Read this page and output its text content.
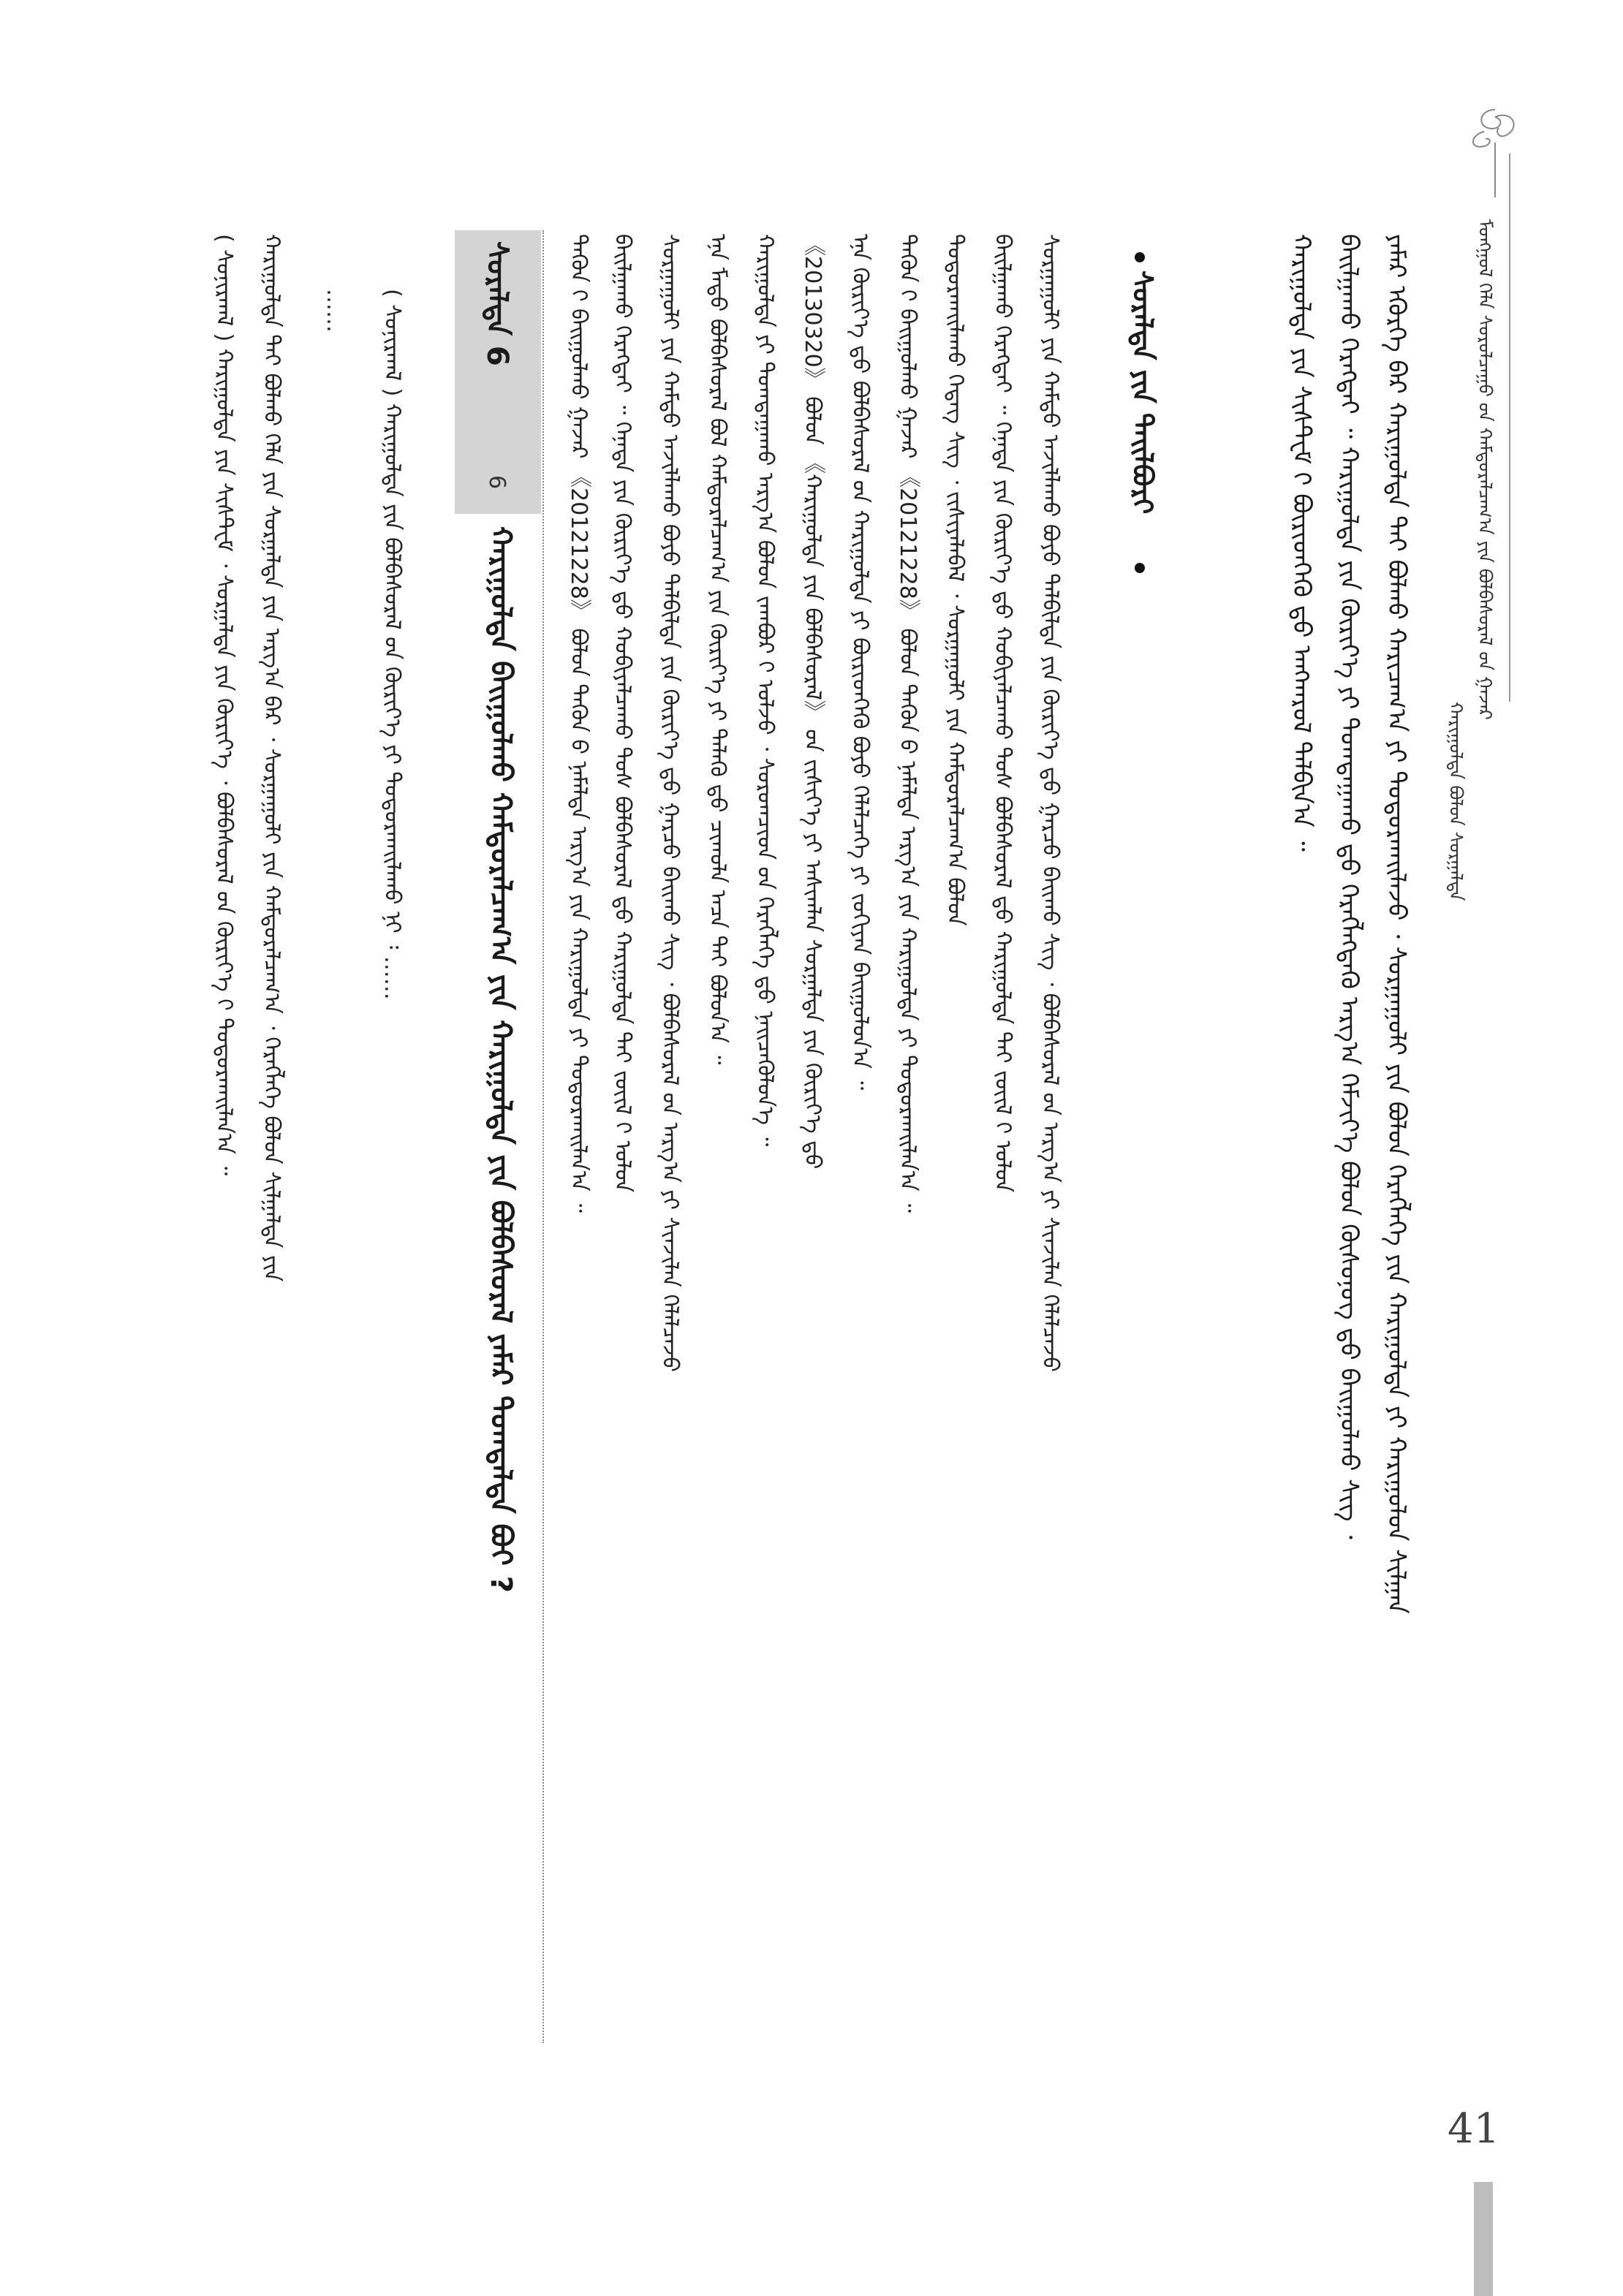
ᠮᠣᠩᠭᠣᠯ ᠬᠡᠯᠡ ᠰᠤᠷᠤᠯᠴᠠᠭᠤ ᠤ᠋ᠨ ᠬᠠᠮᠲᠤᠷᠠᠯᠴᠠᠭ᠎ᠠ ᠶᠢᠨ ᠪᠣᠯᠪᠠᠰᠤᠷᠠᠯ ᠤ᠋ᠨ ᠭᠠᠵᠠᠷ
ᠬᠠᠷᠢᠭᠤᠯᠲᠠ ᠪᠣᠯᠤᠨ ᠰᠤᠷᠭᠠᠯᠲᠠ
ᠶᠠᠮᠠᠷ ᠡᠭᠦᠷᠭᠡ ᠪᠡᠷ ᠬᠠᠷᠢᠭᠤᠯᠲᠠ ᠲᠠᠢ ᠪᠣᠯᠬᠤ ᠬᠠᠷᠢᠴᠠᠭ᠎ᠠ ᠶᠢ ᠲᠣᠳᠣᠷᠬᠠᠢᠯᠠᠵᠤ ᠂ ᠰᠤᠷᠭᠠᠭᠤᠯᠢ ᠶᠢᠨ ᠪᠣᠯᠤᠨ ᠬᠡᠷᠡᠭᠯᠡᠭᠡ ᠶᠢᠨ ᠬᠠᠷᠢᠭᠤᠯᠲᠠ ᠶᠢ ᠬᠠᠷᠢᠭᠤᠯᠤᠨ ᠰᠢᠯᠭᠠᠨ
ᠪᠠᠢᠯᠭᠠᠬᠤ ᠬᠡᠷᠡᠭᠲᠡᠢ ᠃ ᠬᠠᠷᠢᠭᠤᠯᠲᠠ ᠶᠢᠨ ᠬᠦᠷᠢᠶ᠎ᠡ ᠶᠢ ᠲᠣᠭᠲᠠᠭᠠᠬᠤ ᠳ᠋ᠤ ᠬᠡᠷᠡᠭᠯᠡᠭᠳᠡᠬᠦ ᠠᠷᠭ᠎ᠠ ᠬᠡᠮᠵᠢᠶ᠎ᠡ ᠪᠣᠯᠤᠨ ᠬᠦᠰᠦᠨᠦᠭ ᠳ᠋ᠤ ᠪᠠᠢᠭᠤᠯᠬᠤ ᠰᠢᠭ ᠂
ᠬᠠᠷᠢᠭᠤᠯᠲᠠ ᠶᠢᠨ ᠰᠢᠰᠲ᠋ᠧᠮ ᠢ᠋ ᠪᠦᠷᠢᠳᠬᠡᠬᠦ ᠳ᠋ᠤ ᠠᠩᠬᠠᠷᠤᠯ ᠲᠠᠯᠪᠢᠨ᠎ᠠ ᠃
ᠰᠤᠷᠠᠯᠲᠠ ᠶᠢᠨ ᠲᠠᠢᠯᠪᠤᠷᠢ
ᠰᠤᠷᠭᠠᠭᠤᠯᠢ ᠶᠢᠨ ᠬᠠᠮᠲᠤ ᠠᠵᠢᠯᠯᠠᠬᠤ ᠪᠤᠶᠤ ᠲᠠᠯᠪᠢᠯᠲᠠ ᠶᠢᠨ ᠬᠦᠷᠢᠶ᠎ᠡ ᠳ᠋ᠤ ᠭᠠᠷᠴᠤ ᠪᠠᠢᠬᠤ ᠰᠢᠭ ᠂ ᠪᠣᠯᠪᠠᠰᠤᠷᠠᠯ ᠤ᠋ᠨ ᠠᠷᠭ᠎ᠠ ᠶᠢ ᠰᠢᠨᠵᠢᠯᠡᠨ ᠬᠡᠯᠡᠯᠴᠡᠵᠦ
ᠪᠠᠢᠯᠭᠠᠬᠤ ᠬᠡᠷᠡᠭᠲᠡᠢ ᠃ ᠭᠡᠨᠡᠳᠡ ᠶᠢᠨ ᠬᠦᠷᠢᠶ᠎ᠡ ᠳ᠋ᠤ ᠬᠤᠪᠢᠶᠠᠯᠴᠠᠬᠤ ᠲᠤᠰ ᠪᠣᠯᠪᠠᠰᠤᠷᠠᠯ ᠳ᠋ᠤ ᠬᠠᠷᠢᠭᠤᠯᠲᠠ ᠲᠠᠢ ᠵᠦᠢᠯ ᠢ᠋ ᠣᠯᠤᠨ
ᠲᠣᠳᠣᠷᠬᠠᠢᠯᠠᠬᠤ ᠭᠡᠳᠡᠭ ᠰᠢᠭ ᠂ ᠵᠢᠱᠢᠶᠡᠯᠡᠪᠡᠯ ᠂ ᠰᠤᠷᠭᠠᠭᠤᠯᠢ ᠶᠢᠨ ᠬᠠᠮᠲᠤᠷᠠᠯᠴᠠᠭ᠎ᠠ ᠪᠣᠯᠤᠨ
ᠲᠡᠭᠦᠨ ᠢ᠋ ᠪᠠᠢᠭᠤᠯᠬᠤ ᠭᠠᠵᠠᠷ 《20121228》 ᠪᠣᠯᠤᠨ ᠲᠡᠭᠦᠨ ᠦ᠌ ᠨᠡᠮᠡᠯᠲᠡ ᠠᠷᠭ᠎ᠠ ᠶᠢᠨ ᠬᠠᠷᠢᠭᠤᠯᠲᠠ ᠶᠢ ᠲᠣᠳᠣᠷᠬᠠᠢᠯᠠᠨ᠎ᠠ ᠃
ᠡᠨᠡ ᠬᠦᠷᠢᠶ᠎ᠡ ᠳ᠋ᠤ ᠪᠣᠯᠪᠠᠰᠤᠷᠠᠯ ᠤ᠋ᠨ ᠬᠠᠷᠢᠭᠤᠯᠲᠠ ᠶᠢ ᠪᠦᠷᠢᠳᠬᠡᠬᠦ ᠪᠤᠶᠤ ᠬᠡᠯᠡᠯᠴᠡᠭᠡ ᠶᠢ ᠵᠣᠬᠢᠶᠠᠨ ᠪᠠᠢᠭᠤᠯᠤᠨ᠎ᠠ ᠃
《20130320》 ᠪᠣᠯᠤᠨ 《ᠬᠠᠷᠢᠭᠤᠯᠲᠠ ᠶᠢᠨ ᠪᠣᠯᠪᠠᠰᠤᠷᠠᠯ》 ᠤ᠋ᠨ ᠵᠢᠱᠢᠶ᠎ᠡ ᠶᠢ ᠠᠰᠢᠭᠯᠠᠨ ᠰᠤᠷᠭᠠᠯᠲᠠ ᠶᠢᠨ ᠬᠦᠷᠢᠶ᠎ᠡ ᠳ᠋ᠤ
ᠬᠠᠷᠢᠭᠤᠯᠲᠠ ᠶᠢ ᠲᠣᠭᠲᠠᠭᠠᠬᠤ ᠠᠷᠭ᠎ᠠ ᠪᠣᠯᠤᠨ ᠵᠠᠭᠪᠤᠷ ᠢ᠋ ᠣᠯᠵᠤ ᠂ ᠰᠤᠷᠤᠭᠴᠢᠳ ᠤ᠋ᠨ ᠬᠡᠷᠡᠭᠯᠡᠭᠡ ᠳ᠋ᠤ ᠨᠡᠢᠴᠡᠭᠦᠯᠦᠨ᠎ᠡ ᠃
ᠡᠨᠡ ᠮᠡᠲᠦ ᠪᠣᠯᠪᠠᠰᠤᠷᠠᠯ ᠪᠣᠯ ᠬᠠᠮᠲᠤᠷᠠᠯᠴᠠᠭ᠎ᠠ ᠶᠢᠨ ᠬᠦᠷᠢᠶ᠎ᠡ ᠶᠢ ᠲᠡᠯᠡᠬᠦ ᠳ᠋ᠤ ᠴᠢᠬᠤᠯᠠ ᠠᠴᠠ ᠲᠠᠢ ᠪᠣᠯᠤᠨ᠎ᠠ ᠃
ᠰᠤᠷᠭᠠᠭᠤᠯᠢ ᠶᠢᠨ ᠬᠠᠮᠲᠤ ᠠᠵᠢᠯᠯᠠᠬᠤ ᠪᠤᠶᠤ ᠲᠠᠯᠪᠢᠯᠲᠠ ᠶᠢᠨ ᠬᠦᠷᠢᠶ᠎ᠡ ᠳ᠋ᠤ ᠭᠠᠷᠴᠤ ᠪᠠᠢᠬᠤ ᠰᠢᠭ ᠂ ᠪᠣᠯᠪᠠᠰᠤᠷᠠᠯ ᠤ᠋ᠨ ᠠᠷᠭ᠎ᠠ ᠶᠢ ᠰᠢᠨᠵᠢᠯᠡᠨ ᠬᠡᠯᠡᠯᠴᠡᠵᠦ
ᠪᠠᠢᠯᠭᠠᠬᠤ ᠬᠡᠷᠡᠭᠲᠡᠢ ᠃ ᠭᠡᠨᠡᠳᠡ ᠶᠢᠨ ᠬᠦᠷᠢᠶ᠎ᠡ ᠳ᠋ᠤ ᠬᠤᠪᠢᠶᠠᠯᠴᠠᠬᠤ ᠲᠤᠰ ᠪᠣᠯᠪᠠᠰᠤᠷᠠᠯ ᠳ᠋ᠤ ᠬᠠᠷᠢᠭᠤᠯᠲᠠ ᠲᠠᠢ ᠵᠦᠢᠯ ᠢ᠋ ᠣᠯᠤᠨ
ᠲᠡᠭᠦᠨ ᠢ᠋ ᠪᠠᠢᠭᠤᠯᠬᠤ ᠭᠠᠵᠠᠷ 《20121228》 ᠪᠣᠯᠤᠨ ᠲᠡᠭᠦᠨ ᠦ᠌ ᠨᠡᠮᠡᠯᠲᠡ ᠠᠷᠭ᠎ᠠ ᠶᠢᠨ ᠬᠠᠷᠢᠭᠤᠯᠲᠠ ᠶᠢ ᠲᠣᠳᠣᠷᠬᠠᠢᠯᠠᠨ᠎ᠠ ᠃
ᠰᠤᠷᠠᠯᠲᠠ 6
6
ᠬᠠᠷᠢᠭᠤᠯᠲᠠ ᠪᠠᠢᠭᠤᠯᠬᠤ ᠬᠠᠮᠲᠤᠷᠠᠯᠴᠠᠭ᠎ᠠ ᠶᠢᠨ ᠬᠠᠷᠢᠭᠤᠯᠲᠠ ᠶᠢᠨ ᠪᠣᠯᠪᠠᠰᠤᠷᠠᠯ ᠶᠠᠮᠠᠷ ᠲᠣᠭᠲᠠᠯᠲᠠ ᠪᠣᠢ ?
( ᠰᠣᠨᠢᠷᠬᠠᠯ ) ᠬᠠᠷᠢᠭᠤᠯᠲᠠ ᠶᠢᠨ ᠪᠣᠯᠪᠠᠰᠤᠷᠠᠯ ᠤ᠋ᠨ ᠬᠦᠷᠢᠶ᠎ᠡ ᠶᠢ ᠲᠣᠳᠣᠷᠬᠠᠢᠯᠠᠬᠤ ᠨᠢ ᠄ ……
……
ᠬᠠᠷᠢᠭᠤᠯᠲᠠ ᠲᠠᠢ ᠪᠣᠯᠬᠤ ᠬᠡᠯᠡ ᠶᠢᠨ ᠰᠤᠷᠭᠠᠯᠲᠠ ᠶᠢᠨ ᠠᠷᠭ᠎ᠠ ᠪᠠᠷ ᠂ ᠰᠤᠷᠭᠠᠭᠤᠯᠢ ᠶᠢᠨ ᠬᠠᠮᠲᠤᠷᠠᠯᠴᠠᠭ᠎ᠠ ᠂ ᠬᠡᠷᠡᠭᠯᠡᠭᠡ ᠪᠣᠯᠤᠨ ᠰᠢᠯᠭᠠᠯᠲᠠ ᠶᠢᠨ
( ᠰᠣᠨᠢᠷᠬᠠᠯ ) ᠬᠠᠷᠢᠭᠤᠯᠲᠠ ᠶᠢᠨ ᠰᠢᠰᠲ᠋ᠧᠮ ᠂ ᠰᠤᠷᠭᠠᠯᠲᠠ ᠶᠢᠨ ᠬᠦᠷᠢᠶ᠎ᠡ ᠂ ᠪᠣᠯᠪᠠᠰᠤᠷᠠᠯ ᠤ᠋ᠨ ᠬᠦᠷᠢᠶ᠎ᠡ ᠢ᠋ ᠲᠣᠳᠣᠷᠬᠠᠢᠯᠠᠨ᠎ᠠ ᠃
41
